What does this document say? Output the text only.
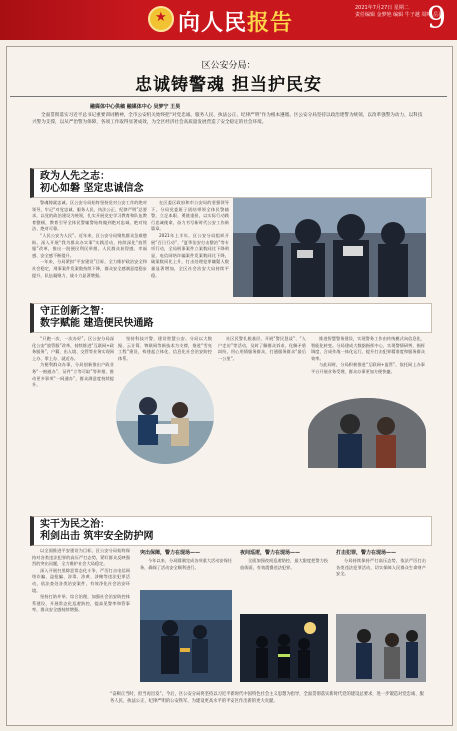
★
向人民报告
2021年7月27日 星期二
责任编辑 金梦艳 编辑 牛子越 周鸣 岳哥
9
区公安分局：
忠诚铸警魂 担当护民安
融媒体中心供稿 融媒体中心 吴梦宁 王昊
全面贯彻落实习近平总书记重要训词精神，全市公安机关始终把“对党忠诚、服务人民、执法公正、纪律严明”作为根本遵循。区公安分局坚持以政治建警为统领，以改革强警为动力，以科技兴警为支撑，以从严治警为保障，各项工作取得显著成效，为全区经济社会高质量发展营造了安全稳定的社会环境。
政为人先之志：
初心如磐 坚定忠诚信念

警魂铸就忠诚。区公安分局始终坚持党对公安工作的绝对领导，牢记“对党忠诚、服务人民、执法公正、纪律严明”总要求，以党的政治建设为统领，扎实开展党史学习教育和队伍教育整顿，教育引导全体民警辅警始终做到绝对忠诚、绝对纯洁、绝对可靠。

“人民公安为人民”。近年来，区公安分局聚焦群众急难愁盼，深入开展“我为群众办实事”实践活动，持续深化“放管服”改革，推出一批便民利民举措，人民群众获得感、幸福感、安全感不断提升。

一年来，分局紧扣“平安建设”目标，全力维护政治安全和社会稳定，刑事案件发案数持续下降，群众安全感满意度稳步提升，队伍凝聚力、战斗力显著增强。

在区委区政府和市公安局的坚强领导下，分局党委班子团结带领全体民警辅警，立足本职、勇挑重担，以实际行动践行忠诚使命，奋力书写新时代公安工作新篇章。

2021年上半年，区公安分局组织开展“百日行动”、“夏季治安打击整治”等专项行动，全局刑事案件立案数同比下降明显，电信网络诈骗案件发案数同比下降，破案数同比上升，打击处理犯罪嫌疑人数量显著增加，全区社会治安大局持续平稳。

守正创新之智：
数字赋能 建造便民快通路

“只跑一次、一次办好”。区公安分局深化公安“放管服”改革，持续推进“互联网+政务服务”，户籍、出入境、交管等业务实现网上办、掌上办、就近办。

为便利群众办事，分局创新推出户政业务“一窗通办”、证件“立等可取”等举措，推动更多事项“一网通办”，群众满意度持续提升。

坚持科技兴警，建设智慧公安。分局以大数据、云计算、物联网等新技术为支撑，推进“雪亮工程”建设，构建起立体化、信息化社会治安防控体系。

社区民警扎根基层，开展“警民恳谈”、“入户走访”等活动，及时了解群众诉求，化解矛盾纠纷，用心用情服务群众，打通服务群众“最后一公里”。

推进智慧警务建设，实现警务工作由传统模式向信息化、智能化转变。分局建成大数据指挥中心，实现警情研判、指挥调度、合成作战一体化运行，提升打击犯罪精准度和服务群众效率。

与此同时，分局积极推进“互联网+监管”，依托网上办事平台开展业务受理，群众办事更加方便快捷。

实干为民之治：
利剑出击 筑牢安全防护网

以全面推进平安建设为目标，区公安分局始终保持对各类违法犯罪的高压严打态势，紧盯群众反映强烈的突出问题，全力维护社会大局稳定。

深入开展扫黑除恶常态化斗争，严厉打击电信网络诈骗、盗抢骗、涉毒、涉黄、涉赌等违法犯罪活动，依法查处各类治安案件，有效净化社会治安环境。

坚持打防并举、综合治理，加强社会治安防控体系建设，开展常态化巡逻防控，提高见警率和管事率，群众安全感持续增强。

突出保障，警力在现场——

今年以来，分局圆满完成各项重大活动安保任务，确保了活动安全顺利进行。

夜间巡逻，警力在现场——

全面加强夜间巡逻防控，最大限度把警力投放街面，有效震慑违法犯罪。

打击犯罪，警力在现场——

分局持续保持严打高压态势，依法严厉打击各类违法犯罪活动，切实保障人民群众生命财产安全。

“奋楫正当时，担当再出发”。今后，区公安分局将坚持以习近平新时代中国特色社会主义思想为指导，全面贯彻落实新时代党的建设总要求，进一步锻造对党忠诚、服务人民、执法公正、纪律严明的公安铁军，为建设更高水平的平安区作出新的更大贡献。
